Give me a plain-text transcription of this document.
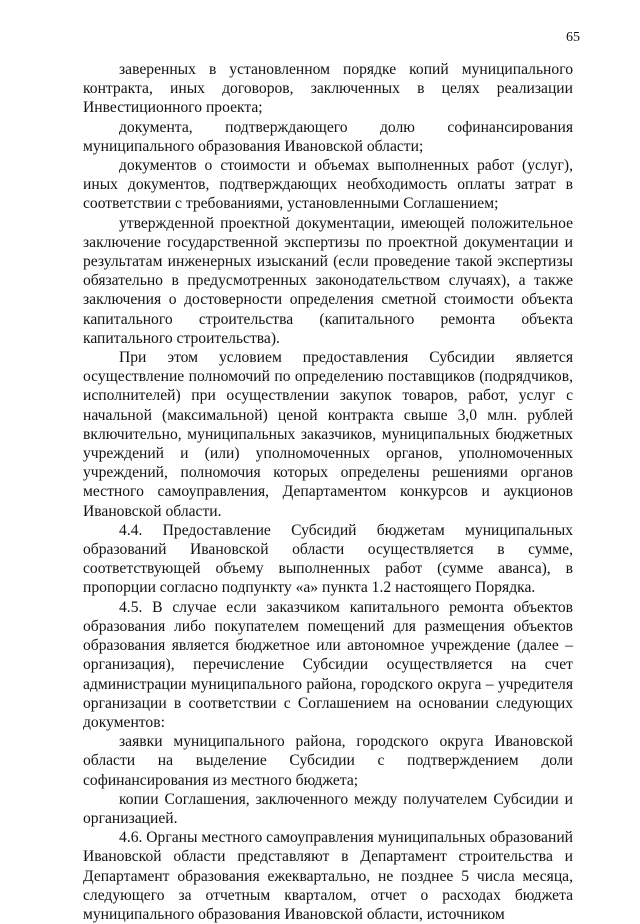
65

заверенных в установленном порядке копий муниципального контракта, иных договоров, заключенных в целях реализации Инвестиционного проекта;

документа, подтверждающего долю софинансирования муниципального образования Ивановской области;

документов о стоимости и объемах выполненных работ (услуг), иных документов, подтверждающих необходимость оплаты затрат в соответствии с требованиями, установленными Соглашением;

утвержденной проектной документации, имеющей положительное заключение государственной экспертизы по проектной документации и результатам инженерных изысканий (если проведение такой экспертизы обязательно в предусмотренных законодательством случаях), а также заключения о достоверности определения сметной стоимости объекта капитального строительства (капитального ремонта объекта капитального строительства).

При этом условием предоставления Субсидии является осуществление полномочий по определению поставщиков (подрядчиков, исполнителей) при осуществлении закупок товаров, работ, услуг с начальной (максимальной) ценой контракта свыше 3,0 млн. рублей включительно, муниципальных заказчиков, муниципальных бюджетных учреждений и (или) уполномоченных органов, уполномоченных учреждений, полномочия которых определены решениями органов местного самоуправления, Департаментом конкурсов и аукционов Ивановской области.

4.4. Предоставление Субсидий бюджетам муниципальных образований Ивановской области осуществляется в сумме, соответствующей объему выполненных работ (сумме аванса), в пропорции согласно подпункту «а» пункта 1.2 настоящего Порядка.

4.5. В случае если заказчиком капитального ремонта объектов образования либо покупателем помещений для размещения объектов образования является бюджетное или автономное учреждение (далее – организация), перечисление Субсидии осуществляется на счет администрации муниципального района, городского округа – учредителя организации в соответствии с Соглашением на основании следующих документов:

заявки муниципального района, городского округа Ивановской области на выделение Субсидии с подтверждением доли софинансирования из местного бюджета;

копии Соглашения, заключенного между получателем Субсидии и организацией.

4.6. Органы местного самоуправления муниципальных образований Ивановской области представляют в Департамент строительства и Департамент образования ежеквартально, не позднее 5 числа месяца, следующего за отчетным кварталом, отчет о расходах бюджета муниципального образования Ивановской области, источником
